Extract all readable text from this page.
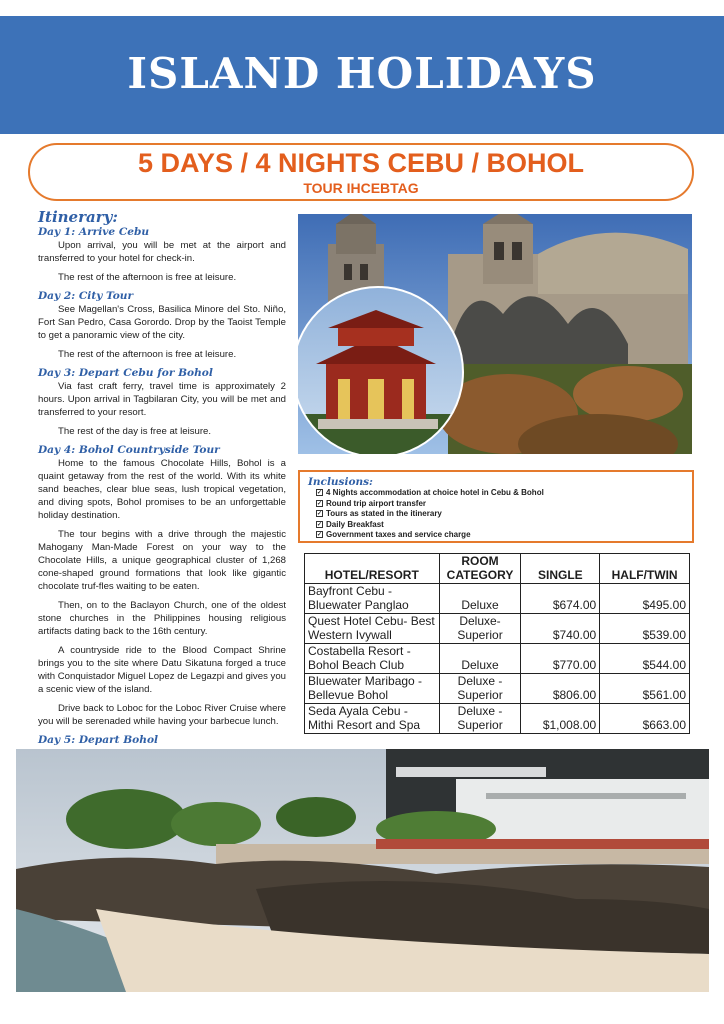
ISLAND HOLIDAYS
5 DAYS / 4 NIGHTS CEBU / BOHOL
TOUR IHCEBTAG
Itinerary:
Day 1: Arrive Cebu

Upon arrival, you will be met at the airport and transferred to your hotel for check-in.

The rest of the afternoon is free at leisure.

Day 2: City Tour

See Magellan's Cross, Basilica Minore del Sto. Niño, Fort San Pedro, Casa Gorordo. Drop by the Taoist Temple to get a panoramic view of the city.

The rest of the afternoon is free at leisure.

Day 3: Depart Cebu for Bohol

Via fast craft ferry, travel time is approximately 2 hours. Upon arrival in Tagbilaran City, you will be met and transferred to your resort.

The rest of the day is free at leisure.

Day 4: Bohol Countryside Tour

Home to the famous Chocolate Hills, Bohol is a quaint getaway from the rest of the world. With its white sand beaches, clear blue seas, lush tropical vegetation, and diving spots, Bohol promises to be an unforgettable holiday destination.

The tour begins with a drive through the majestic Mahogany Man-Made Forest on your way to the Chocolate Hills, a unique geographical cluster of 1,268 cone-shaped ground formations that look like gigantic chocolate truf-fles waiting to be eaten.

Then, on to the Baclayon Church, one of the oldest stone churches in the Philippines housing religious artifacts dating back to the 16th century.

A countryside ride to the Blood Compact Shrine brings you to the site where Datu Sikatuna forged a truce with Conquistador Miguel Lopez de Legazpi and gives you a scenic view of the island.

Drive back to Loboc for the Loboc River Cruise where you will be serenaded while having your barbecue lunch.

Day 5: Depart Bohol

Inclusions:
✓ 4 Nights accommodation at choice hotel in Cebu & Bohol
✓ Round trip airport transfer
✓ Tours as stated in the itinerary
✓ Daily Breakfast
✓ Government taxes and service charge
HOTEL/RESORT	ROOM CATEGORY	SINGLE	HALF/TWIN
Bayfront Cebu - Bluewater Panglao	Deluxe	$674.00	$495.00
Quest Hotel Cebu- Best Western Ivywall	Deluxe- Superior	$740.00	$539.00
Costabella Resort - Bohol Beach Club	Deluxe	$770.00	$544.00
Bluewater Maribago - Bellevue Bohol	Deluxe - Superior	$806.00	$561.00
Seda Ayala Cebu - Mithi Resort and Spa	Deluxe - Superior	$1,008.00	$663.00
